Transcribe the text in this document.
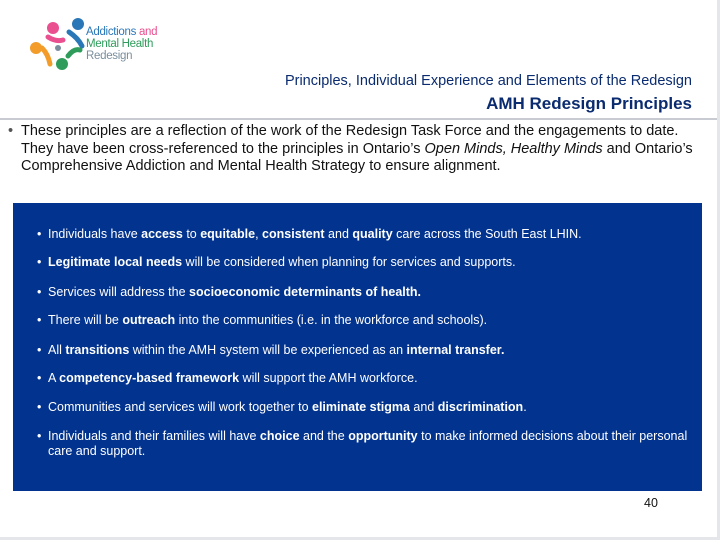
Addictions and
Mental Health
Redesign
Principles, Individual Experience and Elements of the Redesign
AMH Redesign Principles
• These principles are a reflection of the work of the Redesign Task Force and the engagements to date. They have been cross-referenced to the principles in Ontario’s Open Minds, Healthy Minds and Ontario’s Comprehensive Addiction and Mental Health Strategy to ensure alignment.
• Individuals have access to equitable, consistent and quality care across the South East LHIN.
• Legitimate local needs will be considered when planning for services and supports.
• Services will address the socioeconomic determinants of health.
• There will be outreach into the communities (i.e. in the workforce and schools).
• All transitions within the AMH system will be experienced as an internal transfer.
• A competency-based framework will support the AMH workforce.
• Communities and services will work together to eliminate stigma and discrimination.
• Individuals and their families will have choice and the opportunity to make informed decisions about their personal care and support.
40
